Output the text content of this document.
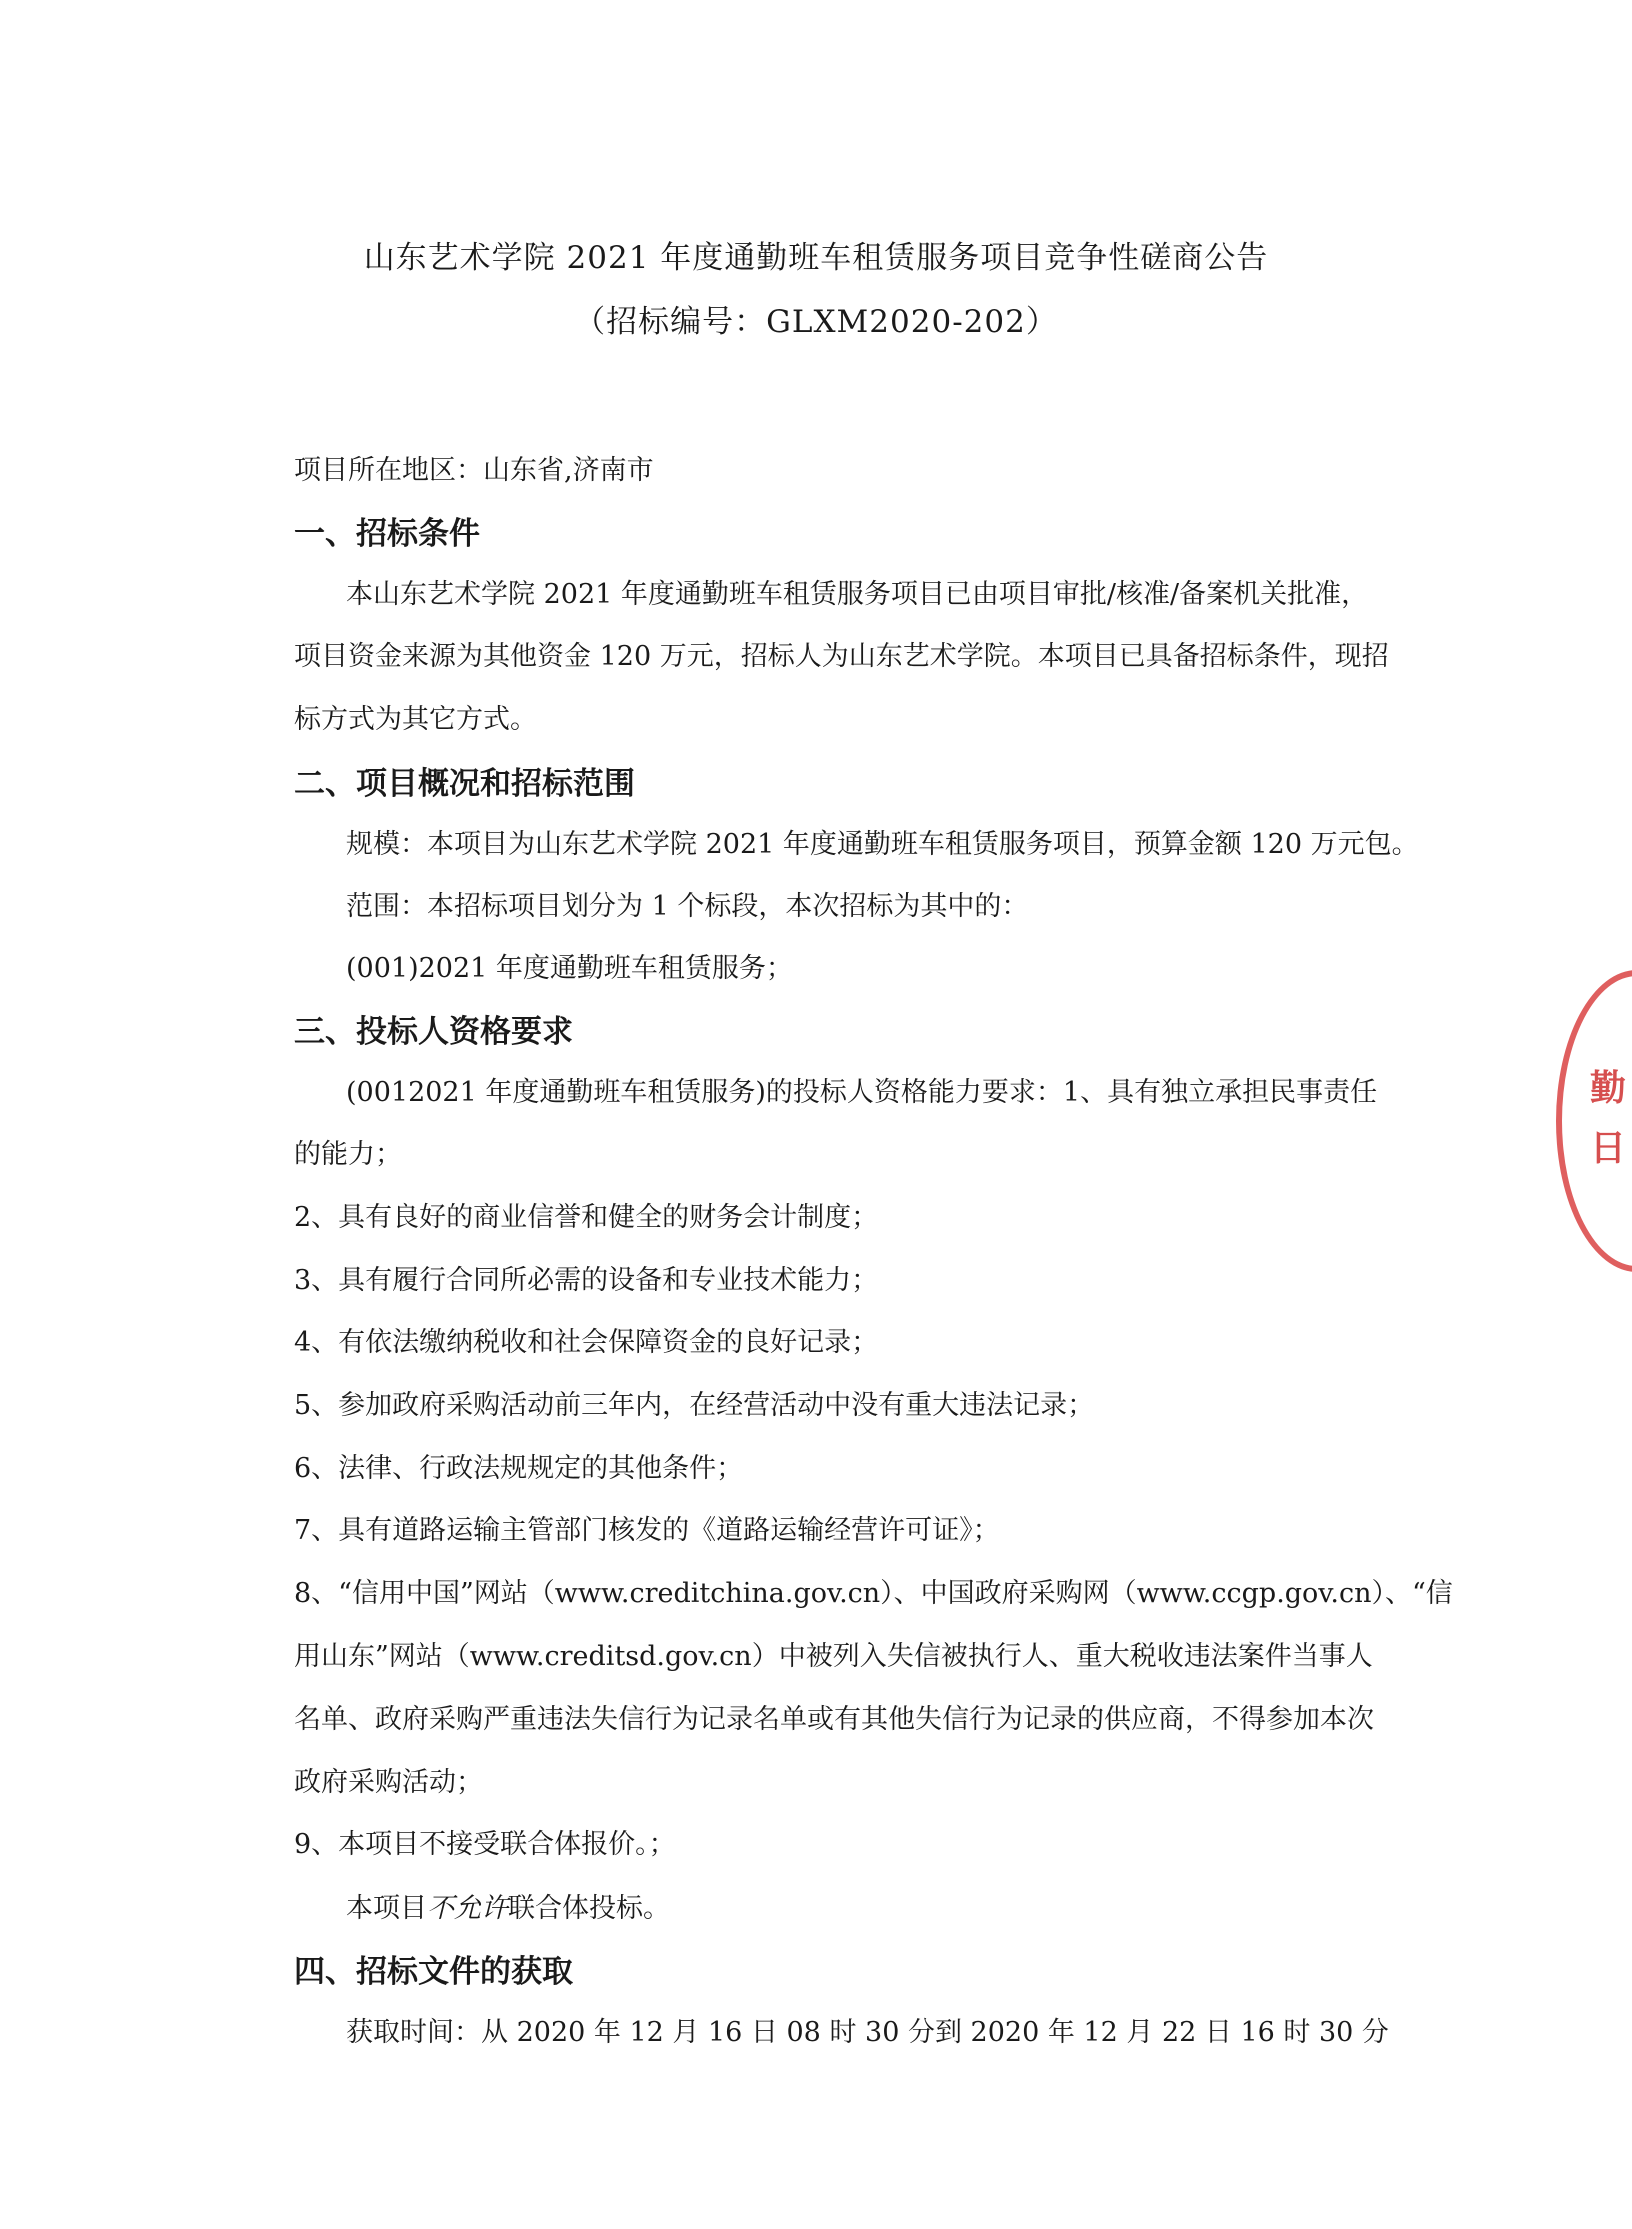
山东艺术学院 2021 年度通勤班车租赁服务项目竞争性磋商公告
（招标编号：GLXM2020-202）
项目所在地区：山东省,济南市
一、招标条件
本山东艺术学院 2021 年度通勤班车租赁服务项目已由项目审批/核准/备案机关批准，
项目资金来源为其他资金 120 万元，招标人为山东艺术学院。本项目已具备招标条件，现招
标方式为其它方式。
二、项目概况和招标范围
规模：本项目为山东艺术学院 2021 年度通勤班车租赁服务项目，预算金额 120 万元包。
范围：本招标项目划分为 1 个标段，本次招标为其中的：
(001)2021 年度通勤班车租赁服务；
三、投标人资格要求
(0012021 年度通勤班车租赁服务)的投标人资格能力要求：1、具有独立承担民事责任
的能力；
2、具有良好的商业信誉和健全的财务会计制度；
3、具有履行合同所必需的设备和专业技术能力；
4、有依法缴纳税收和社会保障资金的良好记录；
5、参加政府采购活动前三年内，在经营活动中没有重大违法记录；
6、法律、行政法规规定的其他条件；
7、具有道路运输主管部门核发的《道路运输经营许可证》；
8、“信用中国”网站（www.creditchina.gov.cn）、中国政府采购网（www.ccgp.gov.cn）、“信
用山东”网站（www.creditsd.gov.cn）中被列入失信被执行人、重大税收违法案件当事人
名单、政府采购严重违法失信行为记录名单或有其他失信行为记录的供应商，不得参加本次
政府采购活动；
9、本项目不接受联合体报价。；
本项目不允许联合体投标。
四、招标文件的获取
获取时间：从 2020 年 12 月 16 日 08 时 30 分到 2020 年 12 月 22 日 16 时 30 分
勤
日
